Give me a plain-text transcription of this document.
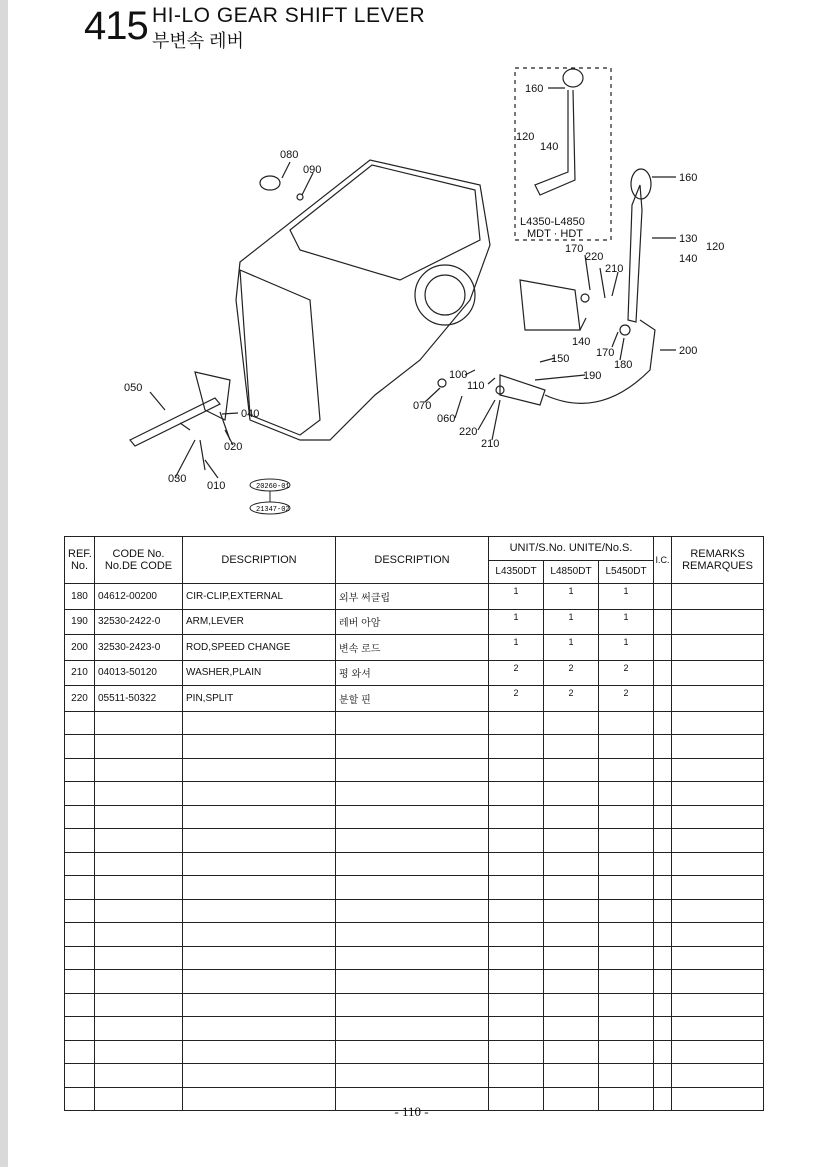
415 HI-LO GEAR SHIFT LEVER
부변속 레버
160
120
140
080
090
160
130
120
140
170
220
210
140
170
180
200
150
190
100
110
070
060
220
210
050
040
020
030
010
L4350-L4850
MDT · HDT
20260-01
21347-02
REF. No.	CODE No. No.DE CODE	DESCRIPTION	DESCRIPTION	UNIT/S.No. UNITE/No.S.			I.C.	REMARKS REMARQUES
				L4350DT	L4850DT	L5450DT		
180	04612-00200	CIR-CLIP,EXTERNAL	외부 써클립	1	1	1		
190	32530-2422-0	ARM,LEVER	레버 아암	1	1	1		
200	32530-2423-0	ROD,SPEED CHANGE	변속 로드	1	1	1		
210	04013-50120	WASHER,PLAIN	평 와셔	2	2	2		
220	05511-50322	PIN,SPLIT	분할 핀	2	2	2		

- 110 -
